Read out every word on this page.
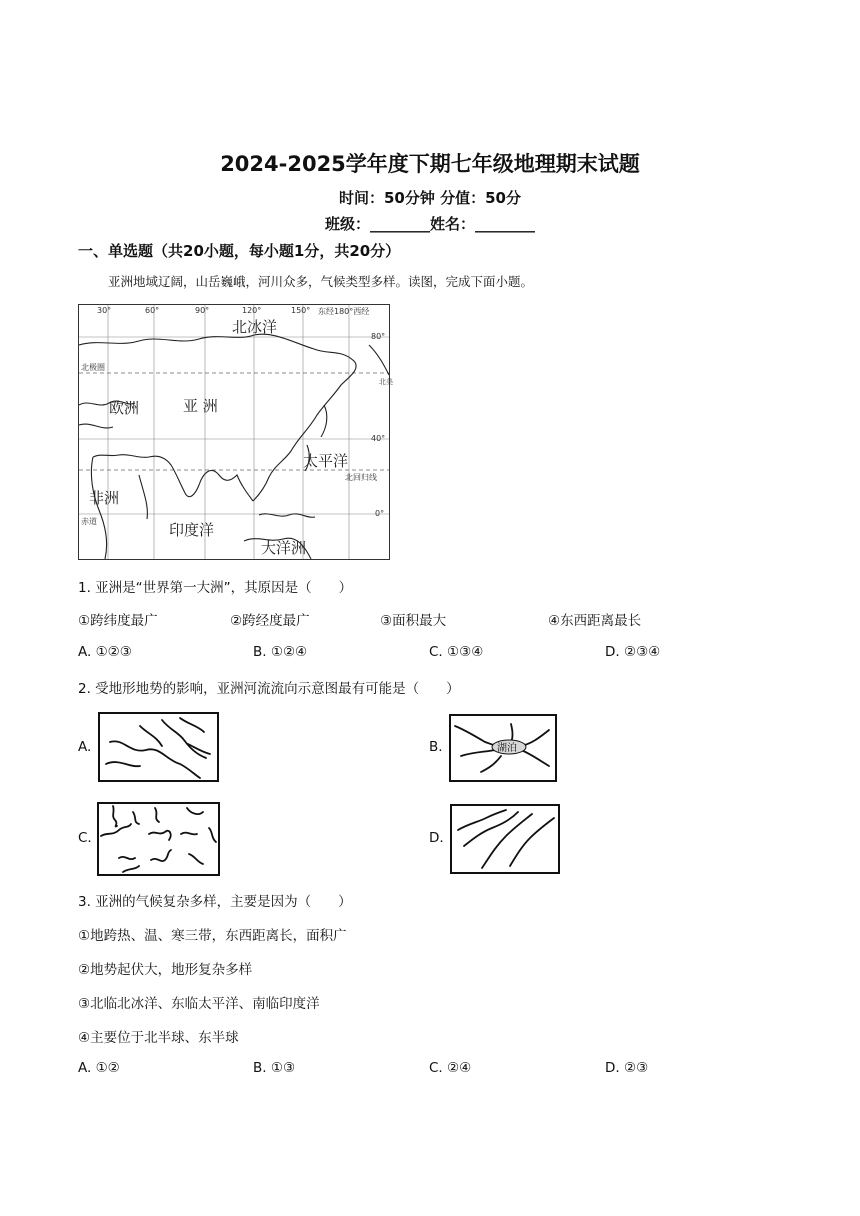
2024-2025学年度下期七年级地理期末试题
时间：50分钟 分值：50分
班级：________姓名：________
一、单选题（共20小题，每小题1分，共20分）
亚洲地域辽阔，山岳巍峨，河川众多，气候类型多样。读图，完成下面小题。
30°	60°	90°	120°	150° 东经180°西经
80°
40°
0°
北极圈
北回归线
赤道
北美
北冰洋
欧洲	亚 洲
太平洋
非洲
印度洋
大洋洲
1. 亚洲是“世界第一大洲”，其原因是（　　）
①跨纬度最广	②跨经度最广	③面积最大	④东西距离最长
A. ①②③	B. ①②④	C. ①③④	D. ②③④
2. 受地形地势的影响，亚洲河流流向示意图最有可能是（　　）
A.	B.	湖泊
C.	D.
3. 亚洲的气候复杂多样，主要是因为（　　）
①地跨热、温、寒三带，东西距离长，面积广
②地势起伏大，地形复杂多样
③北临北冰洋、东临太平洋、南临印度洋
④主要位于北半球、东半球
A. ①②	B. ①③	C. ②④	D. ②③
